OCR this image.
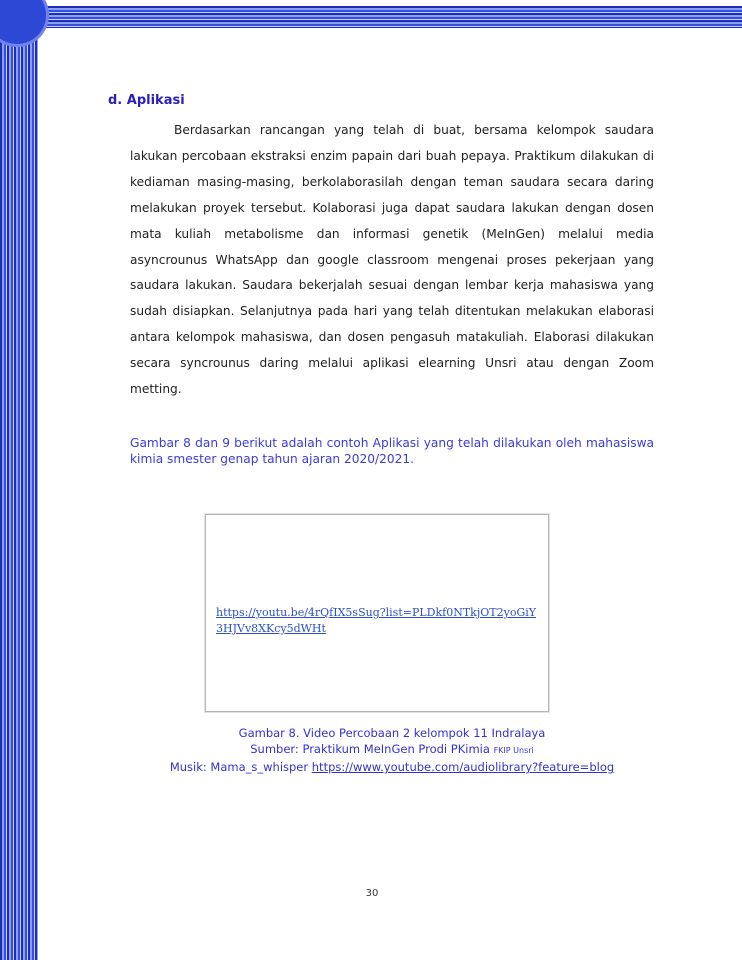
d. Aplikasi
Berdasarkan rancangan yang telah di buat, bersama kelompok saudara lakukan percobaan ekstraksi enzim papain dari buah pepaya. Praktikum dilakukan di kediaman masing-masing, berkolaborasilah dengan teman saudara secara daring melakukan proyek tersebut. Kolaborasi juga dapat saudara lakukan dengan dosen mata kuliah metabolisme dan informasi genetik (MeInGen) melalui media asyncrounus WhatsApp dan google classroom mengenai proses pekerjaan yang saudara lakukan. Saudara bekerjalah sesuai dengan lembar kerja mahasiswa yang sudah disiapkan. Selanjutnya pada hari yang telah ditentukan melakukan elaborasi antara kelompok mahasiswa, dan dosen pengasuh matakuliah. Elaborasi dilakukan secara syncrounus daring melalui aplikasi elearning Unsri atau dengan Zoom metting.
Gambar 8 dan 9 berikut adalah contoh Aplikasi yang telah dilakukan oleh mahasiswa kimia smester genap tahun ajaran 2020/2021.
https://youtu.be/4rQfIX5sSug?list=PLDkf0NTkjOT2yoGiY3HJVv8XKcy5dWHt
Gambar 8. Video Percobaan 2 kelompok 11 Indralaya
Sumber: Praktikum MeInGen Prodi PKimia FKIP Unsri
Musik: Mama_s_whisper https://www.youtube.com/audiolibrary?feature=blog
30
